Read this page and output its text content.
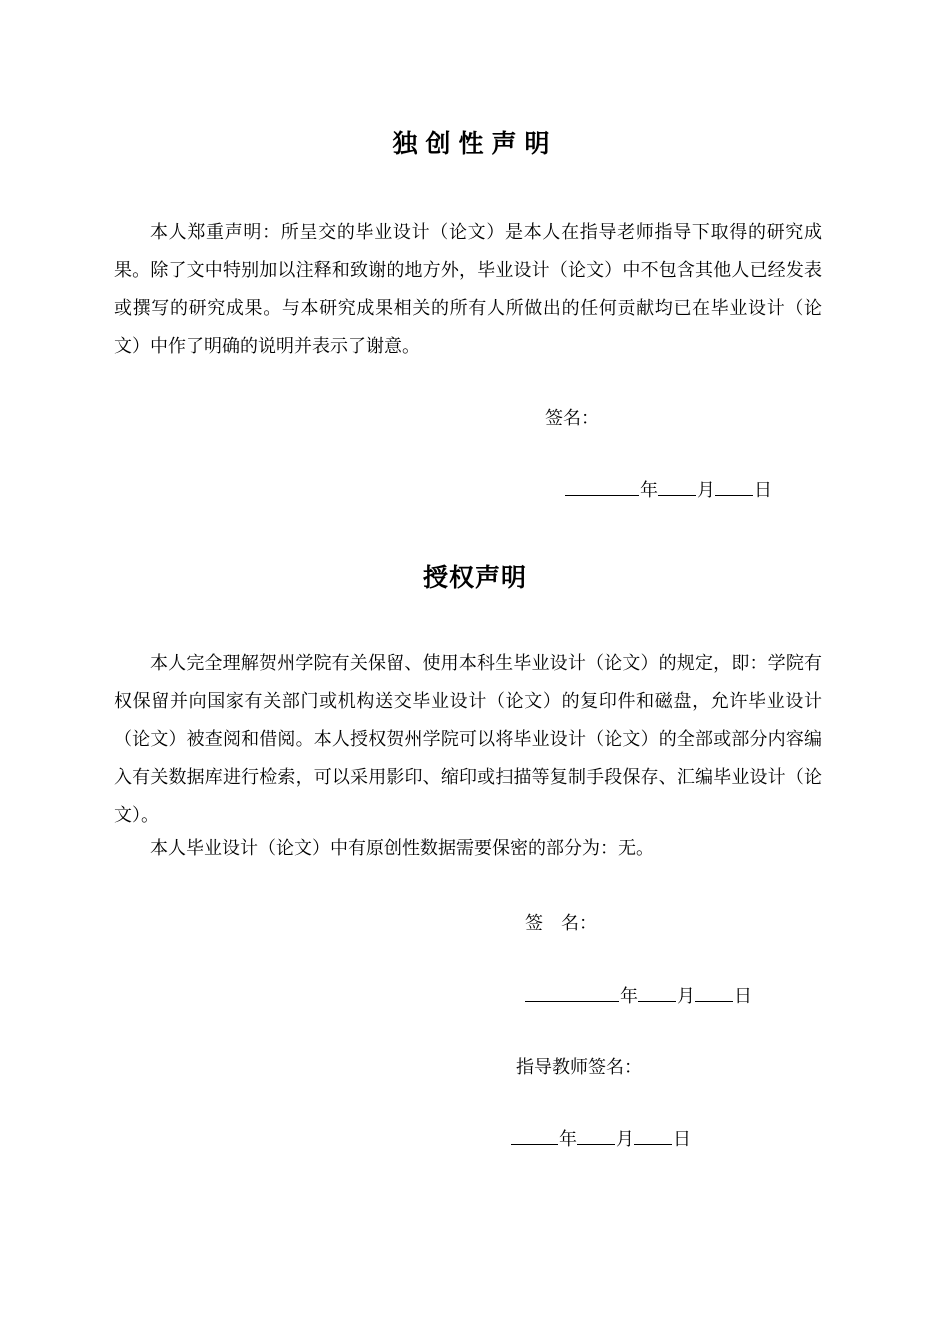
独创性声明

本人郑重声明：所呈交的毕业设计（论文）是本人在指导老师指导下取得的研究成果。除了文中特别加以注释和致谢的地方外，毕业设计（论文）中不包含其他人已经发表或撰写的研究成果。与本研究成果相关的所有人所做出的任何贡献均已在毕业设计（论文）中作了明确的说明并表示了谢意。

签名：
年 月 日
授权声明

本人完全理解贺州学院有关保留、使用本科生毕业设计（论文）的规定，即：学院有权保留并向国家有关部门或机构送交毕业设计（论文）的复印件和磁盘，允许毕业设计（论文）被查阅和借阅。本人授权贺州学院可以将毕业设计（论文）的全部或部分内容编入有关数据库进行检索，可以采用影印、缩印或扫描等复制手段保存、汇编毕业设计（论文）。

本人毕业设计（论文）中有原创性数据需要保密的部分为：无。

签　名：
年 月 日
指导教师签名：
年 月 日
